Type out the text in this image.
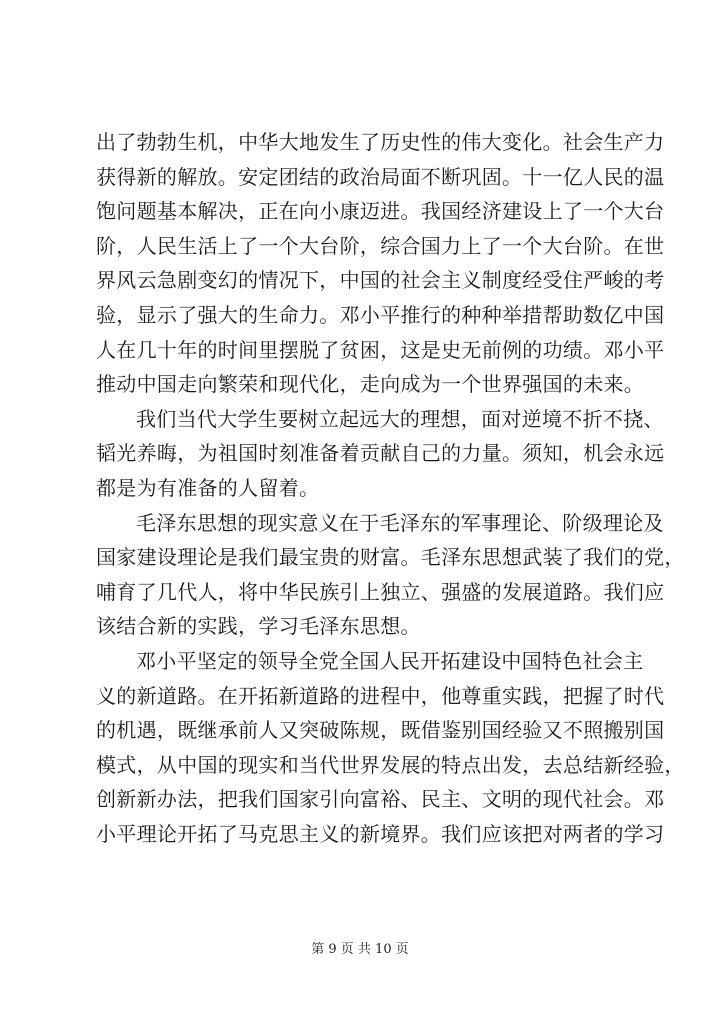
出了勃勃生机，中华大地发生了历史性的伟大变化。社会生产力
获得新的解放。安定团结的政治局面不断巩固。十一亿人民的温
饱问题基本解决，正在向小康迈进。我国经济建设上了一个大台
阶，人民生活上了一个大台阶，综合国力上了一个大台阶。在世
界风云急剧变幻的情况下，中国的社会主义制度经受住严峻的考
验，显示了强大的生命力。邓小平推行的种种举措帮助数亿中国
人在几十年的时间里摆脱了贫困，这是史无前例的功绩。邓小平
推动中国走向繁荣和现代化，走向成为一个世界强国的未来。
我们当代大学生要树立起远大的理想，面对逆境不折不挠、
韬光养晦，为祖国时刻准备着贡献自己的力量。须知，机会永远
都是为有准备的人留着。
毛泽东思想的现实意义在于毛泽东的军事理论、阶级理论及
国家建设理论是我们最宝贵的财富。毛泽东思想武装了我们的党，
哺育了几代人，将中华民族引上独立、强盛的发展道路。我们应
该结合新的实践，学习毛泽东思想。
邓小平坚定的领导全党全国人民开拓建设中国特色社会主
义的新道路。在开拓新道路的进程中，他尊重实践，把握了时代
的机遇，既继承前人又突破陈规，既借鉴别国经验又不照搬别国
模式，从中国的现实和当代世界发展的特点出发，去总结新经验，
创新新办法，把我们国家引向富裕、民主、文明的现代社会。邓
小平理论开拓了马克思主义的新境界。我们应该把对两者的学习
第 9 页 共 10 页
